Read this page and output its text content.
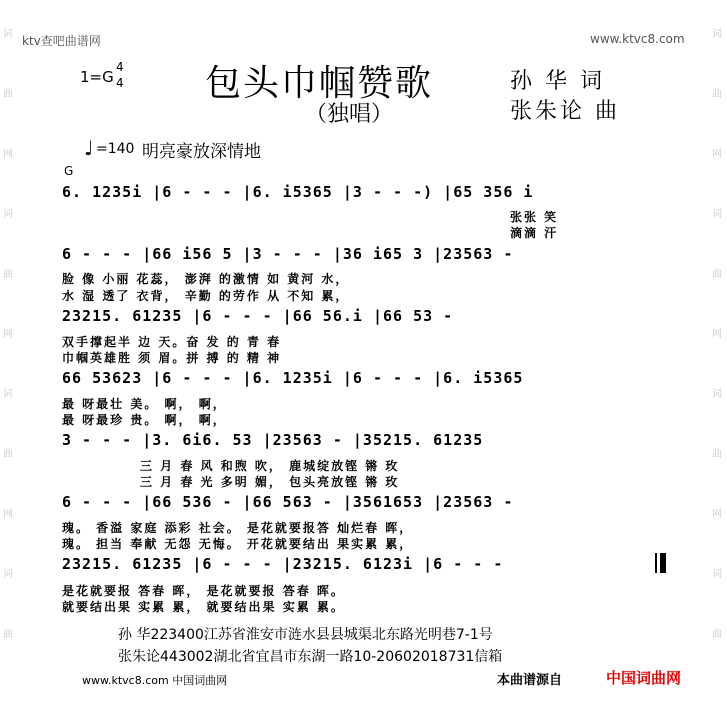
词
曲
网
词
曲
网
词
曲
网
词
曲
词
曲
网
词
曲
网
词
曲
网
词
曲
ktv查吧曲谱网	www.ktvc8.com
1=G
4
4 包头巾帼赞歌
（独唱）
孙 华 词
张朱论 曲
♩ =140 明亮豪放深情地
G
6. 1235i |6 - - - |6. i5365 |3 - - -) |65 356 i
张张 笑
滴滴 汗
6 - - - |66 i56 5 |3 - - - |36 i65 3 |23563 -
脸 像 小丽 花蕊， 澎湃 的激情 如 黄河 水，
水 湿 透了 衣背， 辛勤 的劳作 从 不知 累，
23215. 61235 |6 - - - |66 56.i |66 53 -
双手撑起半 边 天。奋 发 的 青 春
巾帼英雄胜 须 眉。拼 搏 的 精 神
66 53623 |6 - - - |6. 1235i |6 - - - |6. i5365
最 呀最壮 美。 啊， 啊，
最 呀最珍 贵。 啊， 啊，
3 - - - |3. 6i6. 53 |23563 - |35215. 61235
三 月 春 风 和煦 吹， 鹿城绽放铿 锵 玫
三 月 春 光 多明 媚， 包头亮放铿 锵 玫
6 - - - |66 536 - |66 563 - |3561653 |23563 -
瑰。 香溢 家庭 添彩 社会。 是花就要报答 灿烂春 晖，
瑰。 担当 奉献 无怨 无悔。 开花就要结出 果实累 累，
23215. 61235 |6 - - - |23215. 6123i |6 - - -
是花就要报 答春 晖， 是花就要报 答春 晖。
就要结出果 实累 累， 就要结出果 实累 累。
孙 华223400江苏省淮安市涟水县县城渠北东路光明巷7-1号
张朱论443002湖北省宜昌市东湖一路10-20602018731信箱
www.ktvc8.com 中国词曲网	本曲谱源自	中国词曲网
